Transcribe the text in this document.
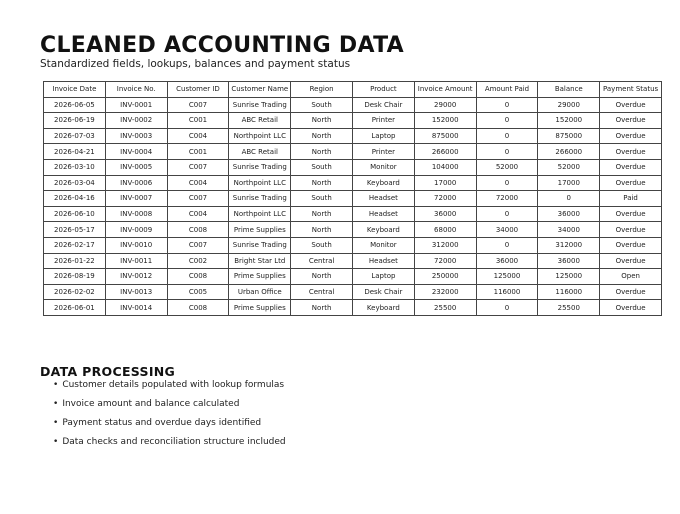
CLEANED ACCOUNTING DATA

Standardized fields, lookups, balances and payment status

Invoice Date	Invoice No.	Customer ID	Customer Name	Region	Product	Invoice Amount	Amount Paid	Balance	Payment Status
2026-06-05	INV-0001	C007	Sunrise Trading	South	Desk Chair	29000	0	29000	Overdue
2026-06-19	INV-0002	C001	ABC Retail	North	Printer	152000	0	152000	Overdue
2026-07-03	INV-0003	C004	Northpoint LLC	North	Laptop	875000	0	875000	Overdue
2026-04-21	INV-0004	C001	ABC Retail	North	Printer	266000	0	266000	Overdue
2026-03-10	INV-0005	C007	Sunrise Trading	South	Monitor	104000	52000	52000	Overdue
2026-03-04	INV-0006	C004	Northpoint LLC	North	Keyboard	17000	0	17000	Overdue
2026-04-16	INV-0007	C007	Sunrise Trading	South	Headset	72000	72000	0	Paid
2026-06-10	INV-0008	C004	Northpoint LLC	North	Headset	36000	0	36000	Overdue
2026-05-17	INV-0009	C008	Prime Supplies	North	Keyboard	68000	34000	34000	Overdue
2026-02-17	INV-0010	C007	Sunrise Trading	South	Monitor	312000	0	312000	Overdue
2026-01-22	INV-0011	C002	Bright Star Ltd	Central	Headset	72000	36000	36000	Overdue
2026-08-19	INV-0012	C008	Prime Supplies	North	Laptop	250000	125000	125000	Open
2026-02-02	INV-0013	C005	Urban Office	Central	Desk Chair	232000	116000	116000	Overdue
2026-06-01	INV-0014	C008	Prime Supplies	North	Keyboard	25500	0	25500	Overdue
DATA PROCESSING
• Customer details populated with lookup formulas
• Invoice amount and balance calculated
• Payment status and overdue days identified
• Data checks and reconciliation structure included
